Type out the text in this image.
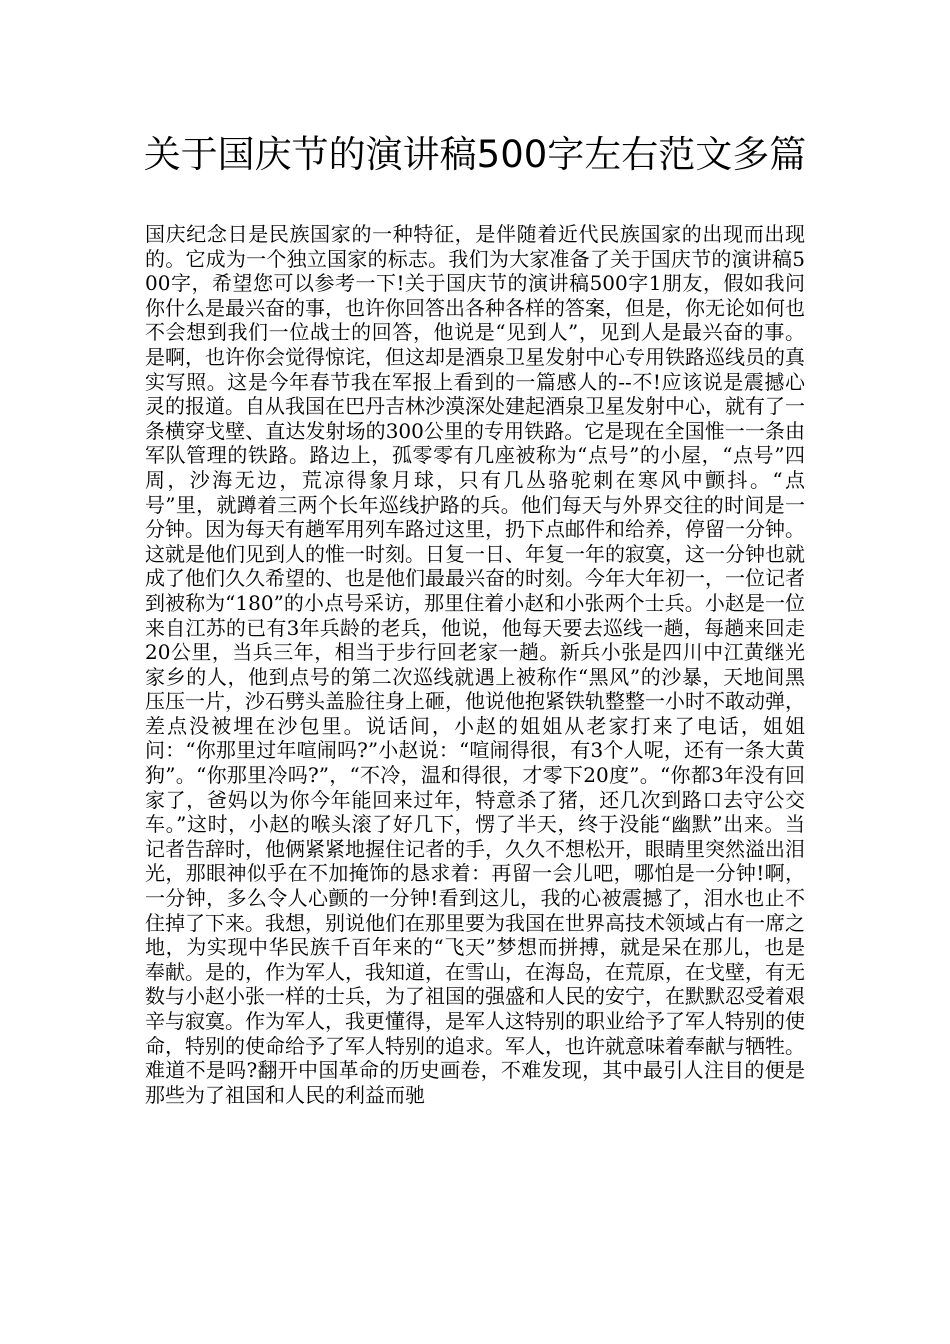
关于国庆节的演讲稿500字左右范文多篇

国庆纪念日是民族国家的一种特征，是伴随着近代民族国家的出现而出现的。它成为一个独立国家的标志。我们为大家准备了关于国庆节的演讲稿500字，希望您可以参考一下!关于国庆节的演讲稿500字1朋友，假如我问你什么是最兴奋的事，也许你回答出各种各样的答案，但是，你无论如何也不会想到我们一位战士的回答，他说是“见到人”，见到人是最兴奋的事。是啊，也许你会觉得惊诧，但这却是酒泉卫星发射中心专用铁路巡线员的真实写照。这是今年春节我在军报上看到的一篇感人的--不!应该说是震撼心灵的报道。自从我国在巴丹吉林沙漠深处建起酒泉卫星发射中心，就有了一条横穿戈壁、直达发射场的300公里的专用铁路。它是现在全国惟一一条由军队管理的铁路。路边上，孤零零有几座被称为“点号”的小屋，“点号”四周，沙海无边，荒凉得象月球，只有几丛骆驼刺在寒风中颤抖。“点号”里，就蹲着三两个长年巡线护路的兵。他们每天与外界交往的时间是一分钟。因为每天有趟军用列车路过这里，扔下点邮件和给养，停留一分钟。这就是他们见到人的惟一时刻。日复一日、年复一年的寂寞，这一分钟也就成了他们久久希望的、也是他们最最兴奋的时刻。今年大年初一，一位记者到被称为“180”的小点号采访，那里住着小赵和小张两个士兵。小赵是一位来自江苏的已有3年兵龄的老兵，他说，他每天要去巡线一趟，每趟来回走20公里，当兵三年，相当于步行回老家一趟。新兵小张是四川中江黄继光家乡的人，他到点号的第二次巡线就遇上被称作“黑风”的沙暴，天地间黑压压一片，沙石劈头盖脸往身上砸，他说他抱紧铁轨整整一小时不敢动弹，差点没被埋在沙包里。说话间，小赵的姐姐从老家打来了电话，姐姐问：“你那里过年喧闹吗?”小赵说：“喧闹得很，有3个人呢，还有一条大黄狗”。“你那里冷吗?”，“不冷，温和得很，才零下20度”。“你都3年没有回家了，爸妈以为你今年能回来过年，特意杀了猪，还几次到路口去守公交车。”这时，小赵的喉头滚了好几下，愣了半天，终于没能“幽默”出来。当记者告辞时，他俩紧紧地握住记者的手，久久不想松开，眼睛里突然溢出泪光，那眼神似乎在不加掩饰的恳求着：再留一会儿吧，哪怕是一分钟!啊，一分钟，多么令人心颤的一分钟!看到这儿，我的心被震撼了，泪水也止不住掉了下来。我想，别说他们在那里要为我国在世界高技术领域占有一席之地，为实现中华民族千百年来的“飞天”梦想而拼搏，就是呆在那儿，也是奉献。是的，作为军人，我知道，在雪山，在海岛，在荒原，在戈壁，有无数与小赵小张一样的士兵，为了祖国的强盛和人民的安宁，在默默忍受着艰辛与寂寞。作为军人，我更懂得，是军人这特别的职业给予了军人特别的使命，特别的使命给予了军人特别的追求。军人，也许就意味着奉献与牺牲。难道不是吗?翻开中国革命的历史画卷，不难发现，其中最引人注目的便是那些为了祖国和人民的利益而驰
